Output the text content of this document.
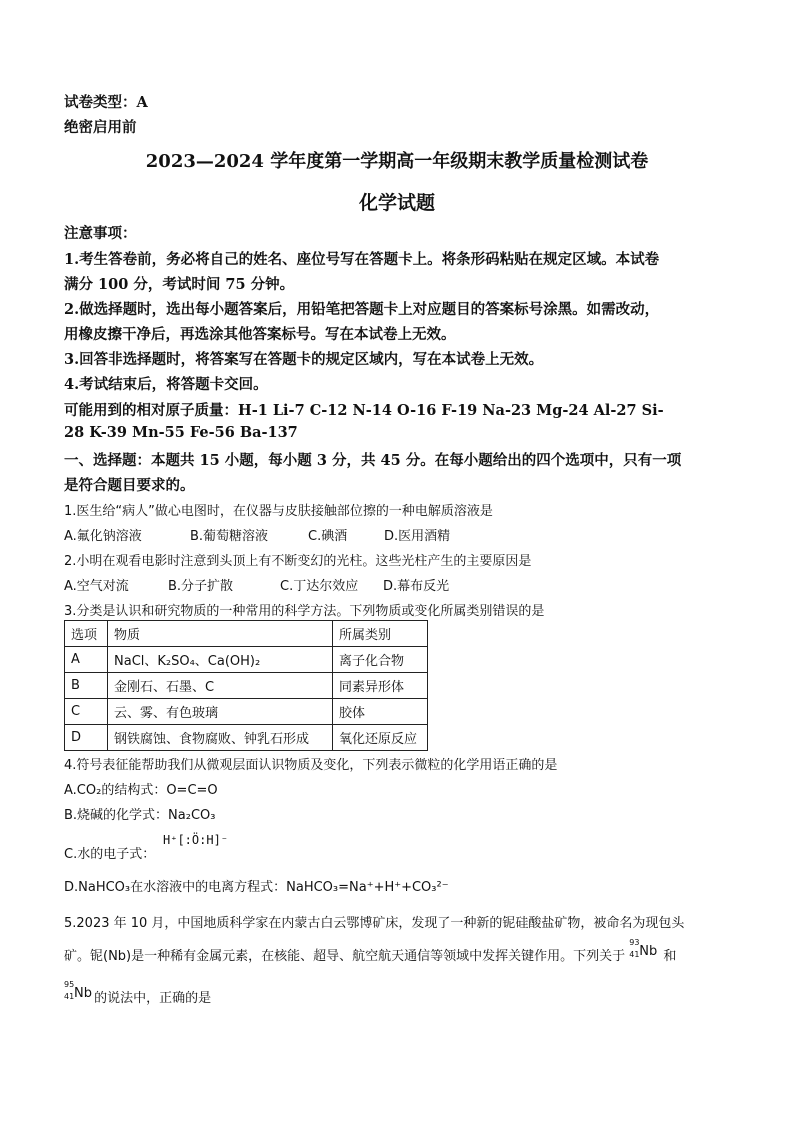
试卷类型：A
绝密启用前
2023—2024 学年度第一学期高一年级期末教学质量检测试卷
化学试题
注意事项：
1.考生答卷前，务必将自己的姓名、座位号写在答题卡上。将条形码粘贴在规定区域。本试卷
满分 100 分，考试时间 75 分钟。
2.做选择题时，选出每小题答案后，用铅笔把答题卡上对应题目的答案标号涂黑。如需改动，
用橡皮擦干净后，再选涂其他答案标号。写在本试卷上无效。
3.回答非选择题时，将答案写在答题卡的规定区域内，写在本试卷上无效。
4.考试结束后，将答题卡交回。
可能用到的相对原子质量：H-1 Li-7 C-12 N-14 O-16 F-19 Na-23 Mg-24 Al-27 Si-
28 K-39 Mn-55 Fe-56 Ba-137
一、选择题：本题共 15 小题，每小题 3 分，共 45 分。在每小题给出的四个选项中，只有一项
是符合题目要求的。
1.医生给“病人”做心电图时，在仪器与皮肤接触部位擦的一种电解质溶液是
A.氟化钠溶液	B.葡萄糖溶液	C.碘酒	D.医用酒精
2.小明在观看电影时注意到头顶上有不断变幻的光柱。这些光柱产生的主要原因是
A.空气对流	B.分子扩散	C.丁达尔效应 D.幕布反光
3.分类是认识和研究物质的一种常用的科学方法。下列物质或变化所属类别错误的是
选项	物质	所属类别
A	NaCl、K₂SO₄、Ca(OH)₂	离子化合物
B	金刚石、石墨、C	同素异形体
C	云、雾、有色玻璃	胶体
D	钢铁腐蚀、食物腐败、钟乳石形成	氧化还原反应
4.符号表征能帮助我们从微观层面认识物质及变化，下列表示微粒的化学用语正确的是
A.CO₂的结构式：O=C=O
B.烧碱的化学式：Na₂CO₃
C.水的电子式：
H⁺[:Ö:H]⁻
D.NaHCO₃在水溶液中的电离方程式：NaHCO₃=Na⁺+H⁺+CO₃²⁻
5.2023 年 10 月，中国地质科学家在内蒙古白云鄂博矿床，发现了一种新的铌硅酸盐矿物，被命名为现包头
矿。铌(Nb)是一种稀有金属元素，在核能、超导、航空航天通信等领域中发挥关键作用。下列关于
93
41 Nb 和
95
41 Nb 的说法中，正确的是
